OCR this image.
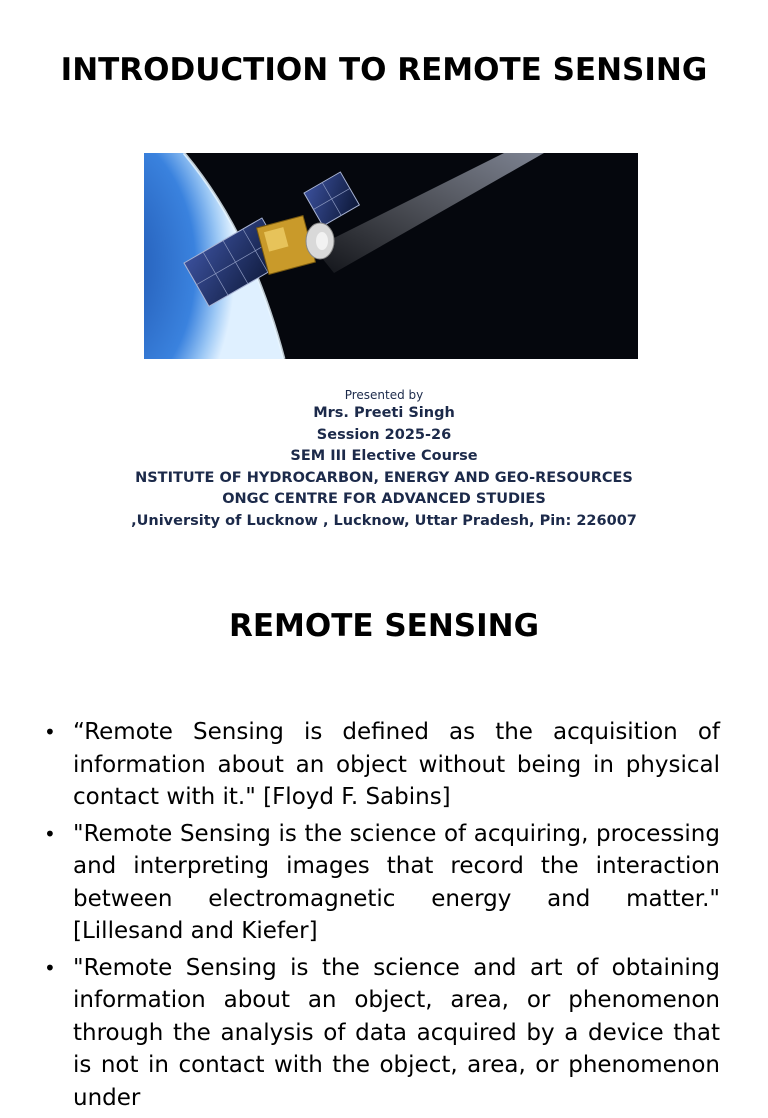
INTRODUCTION TO REMOTE SENSING
Presented by
Mrs. Preeti Singh
Session 2025-26
SEM III Elective Course
NSTITUTE OF HYDROCARBON, ENERGY AND GEO-RESOURCES
ONGC CENTRE FOR ADVANCED STUDIES
,University of Lucknow , Lucknow, Uttar Pradesh, Pin: 226007
REMOTE SENSING
• “Remote Sensing is defined as the acquisition of information about an object without being in physical contact with it." [Floyd F. Sabins]
• "Remote Sensing is the science of acquiring, processing and interpreting images that record the interaction between electromagnetic energy and matter." [Lillesand and Kiefer]
• "Remote Sensing is the science and art of obtaining information about an object, area, or phenomenon through the analysis of data acquired by a device that is not in contact with the object, area, or phenomenon under
